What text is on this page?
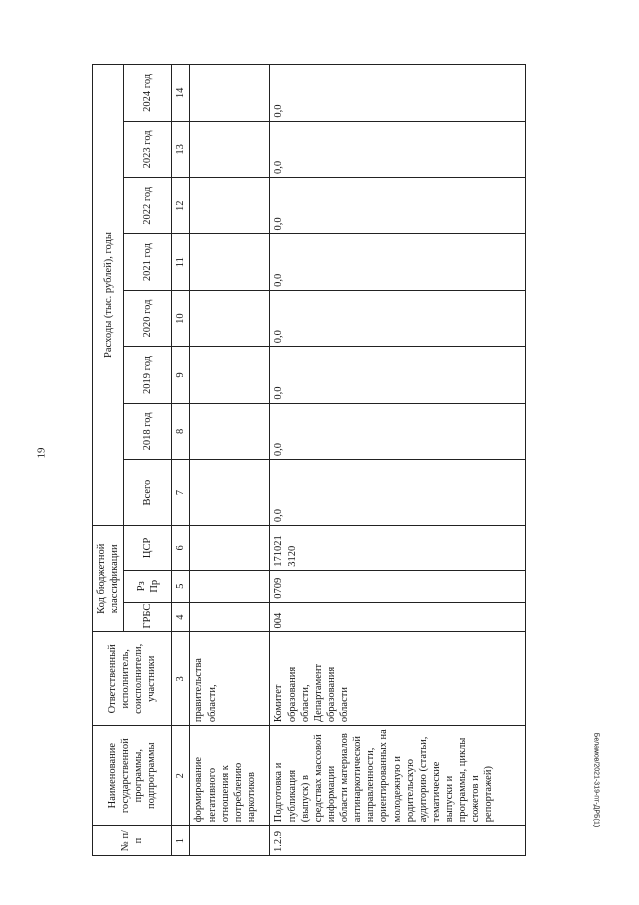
19
Беламов/2021-319-пт-ДРБ(1)
№ п/п	Наименование государственной программы, подпрограммы	Ответственный исполнитель, соисполнители, участники	Код бюджетной классификации			Расходы (тыс. рублей), годы							
			ГРБС	Рз Пр	ЦСР	Всего	2018 год	2019 год	2020 год	2021 год	2022 год	2023 год	2024 год
1	2	3	4	5	6	7	8	9	10	11	12	13	14
	формирование негативного отношения к потреблению наркотиков	правительства области,											
1.2.9	Подготовка и публикация (выпуск) в средствах массовой информации области материалов антинаркотической направленности, ориентированных на молодежную и родительскую аудиторию (статьи, тематические выпуски и программы, циклы сюжетов и репортажей)	Комитет образования области, Департамент образования области	004	0709	171021 3120	0,0	0,0	0,0	0,0	0,0	0,0	0,0	0,0
